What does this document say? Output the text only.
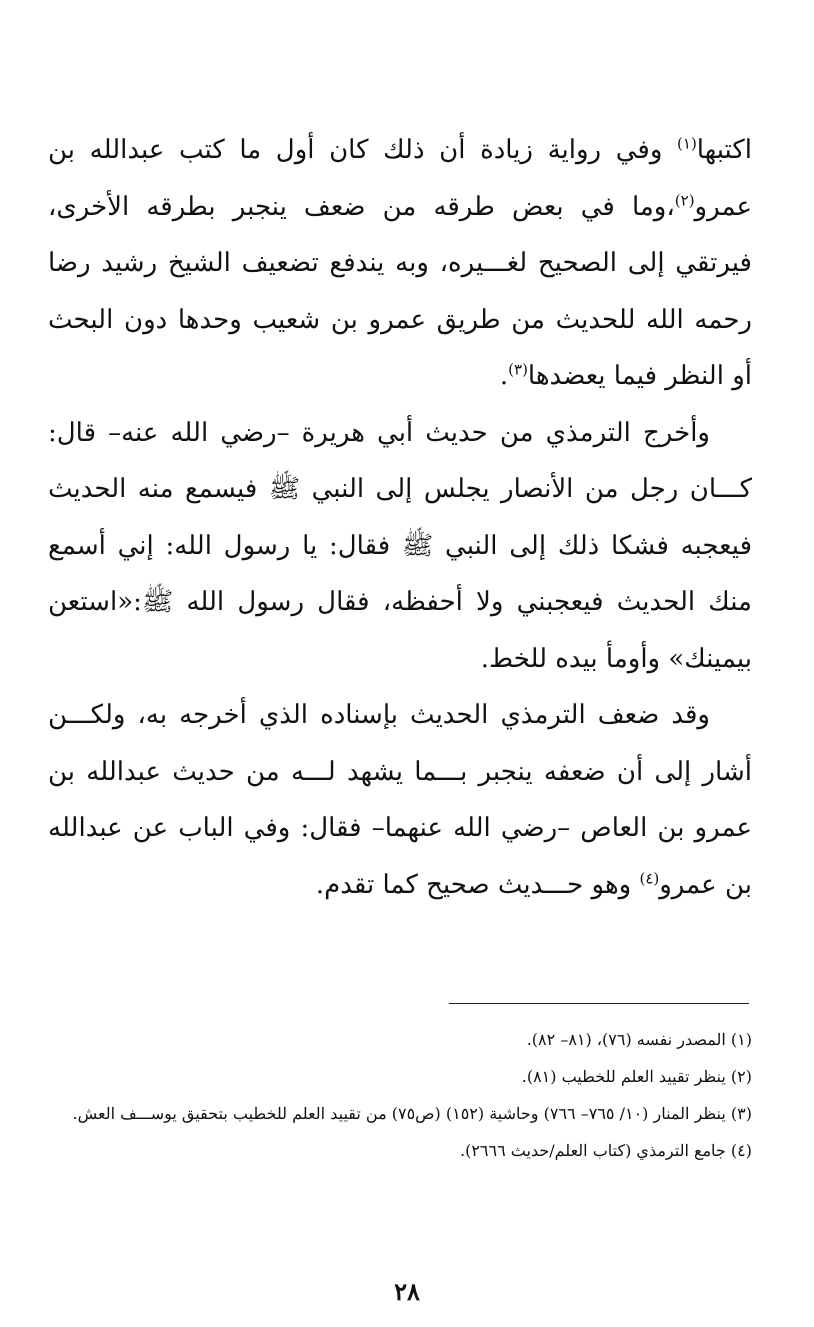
اكتبها$^{(١)}$ وفي رواية زيادة أن ذلك كان أول ما كتب عبدالله بن عمرو$^{(٢)}$،وما في بعض طرقه من ضعف ينجبر بطرقه الأخرى، فيرتقي إلى الصحيح لغـــيره، وبه يندفع تضعيف الشيخ رشيد رضا رحمه الله للحديث من طريق عمرو بن شعيب وحدها دون البحث أو النظر فيما يعضدها$^{(٣)}$.

وأخرج الترمذي من حديث أبي هريرة –رضي الله عنه– قال: كـــان رجل من الأنصار يجلس إلى النبي ﷺ فيسمع منه الحديث فيعجبه فشكا ذلك إلى النبي ﷺ فقال: يا رسول الله: إني أسمع منك الحديث فيعجبني ولا أحفظه، فقال رسول الله ﷺ:«استعن بيمينك» وأومأ بيده للخط.

وقد ضعف الترمذي الحديث بإسناده الذي أخرجه به، ولكـــن أشار إلى أن ضعفه ينجبر بـــما يشهد لـــه من حديث عبدالله بن عمرو بن العاص –رضي الله عنهما– فقال: وفي الباب عن عبدالله بن عمرو$^{(٤)}$ وهو حـــديث صحيح كما تقدم.

(١) المصدر نفسه (٧٦)، (٨١– ٨٢).
(٢) ينظر تقييد العلم للخطيب (٨١).
(٣) ينظر المنار (١٠/ ٧٦٥– ٧٦٦) وحاشية (١٥٢) (ص٧٥) من تقييد العلم للخطيب بتحقيق يوســـف العش.
(٤) جامع الترمذي (كتاب العلم/حديث ٢٦٦٦).
٢٨
